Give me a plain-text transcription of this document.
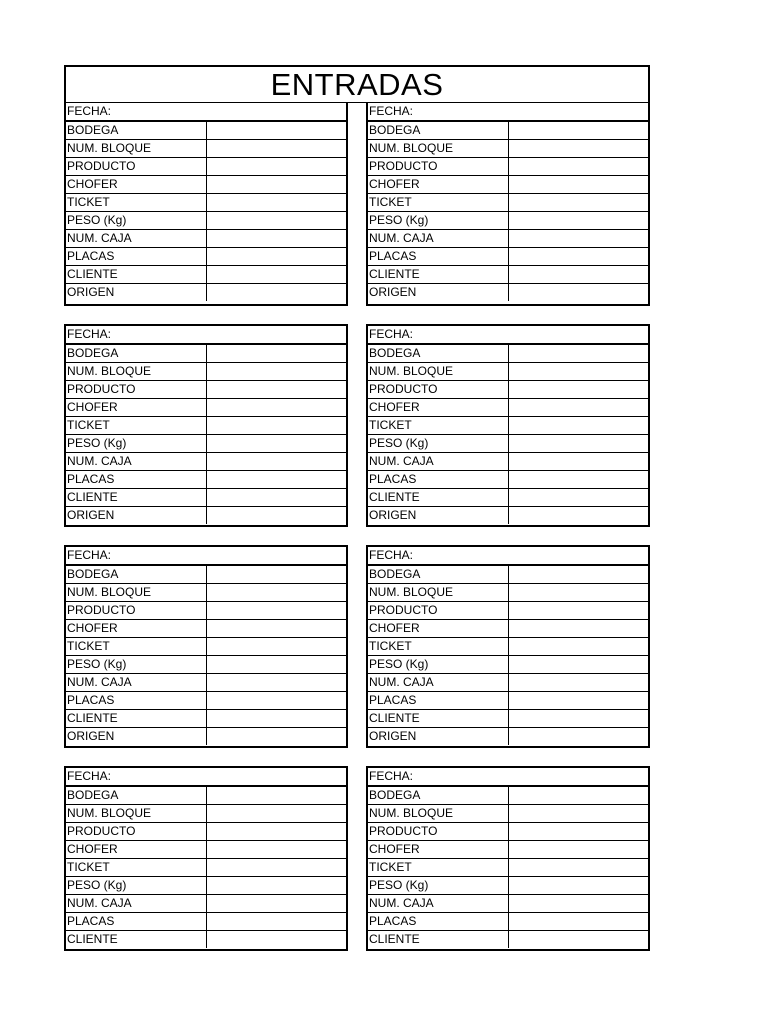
ENTRADAS
FECHA:	
BODEGA	
NUM. BLOQUE	
PRODUCTO	
CHOFER	
TICKET	
PESO (Kg)	
NUM. CAJA	
PLACAS	
CLIENTE	
ORIGEN	
FECHA:	
BODEGA	
NUM. BLOQUE	
PRODUCTO	
CHOFER	
TICKET	
PESO (Kg)	
NUM. CAJA	
PLACAS	
CLIENTE	
ORIGEN	
FECHA:	
BODEGA	
NUM. BLOQUE	
PRODUCTO	
CHOFER	
TICKET	
PESO (Kg)	
NUM. CAJA	
PLACAS	
CLIENTE	
ORIGEN	
FECHA:	
BODEGA	
NUM. BLOQUE	
PRODUCTO	
CHOFER	
TICKET	
PESO (Kg)	
NUM. CAJA	
PLACAS	
CLIENTE	
ORIGEN	
FECHA:	
BODEGA	
NUM. BLOQUE	
PRODUCTO	
CHOFER	
TICKET	
PESO (Kg)	
NUM. CAJA	
PLACAS	
CLIENTE	
ORIGEN	
FECHA:	
BODEGA	
NUM. BLOQUE	
PRODUCTO	
CHOFER	
TICKET	
PESO (Kg)	
NUM. CAJA	
PLACAS	
CLIENTE	
ORIGEN	
FECHA:	
BODEGA	
NUM. BLOQUE	
PRODUCTO	
CHOFER	
TICKET	
PESO (Kg)	
NUM. CAJA	
PLACAS	
CLIENTE	
FECHA:	
BODEGA	
NUM. BLOQUE	
PRODUCTO	
CHOFER	
TICKET	
PESO (Kg)	
NUM. CAJA	
PLACAS	
CLIENTE	
